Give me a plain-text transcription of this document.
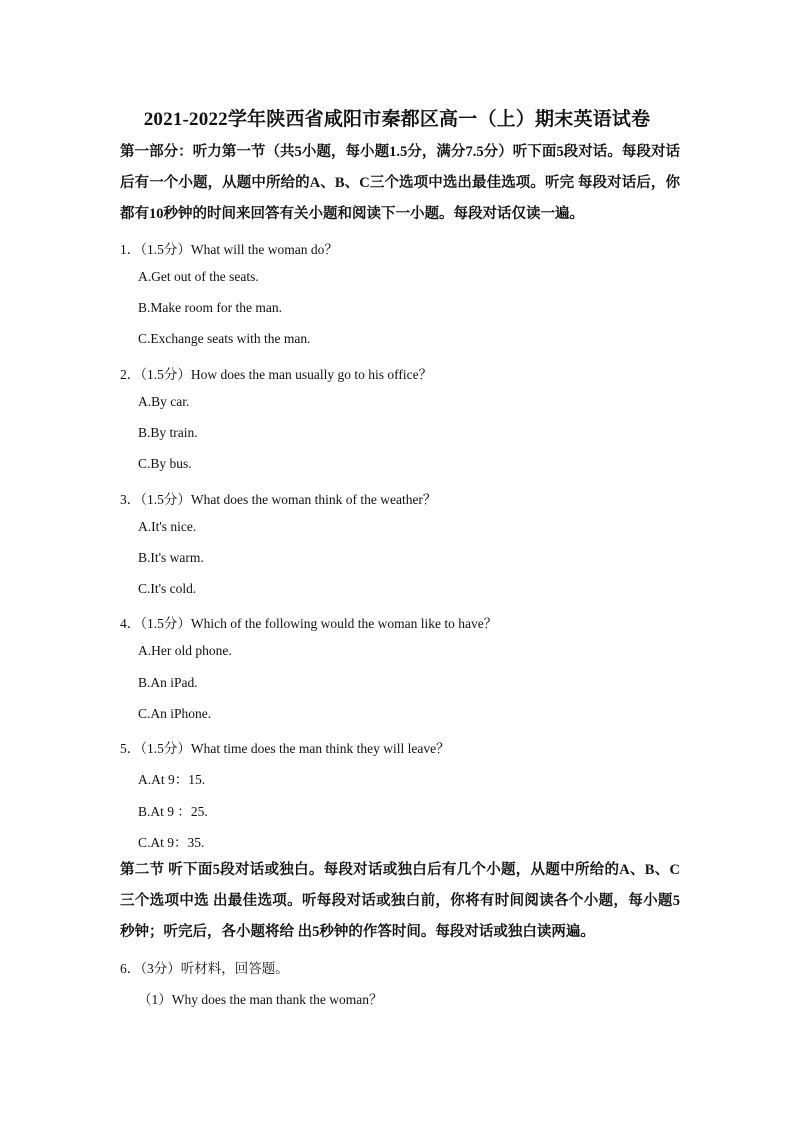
2021-2022学年陕西省咸阳市秦都区高一（上）期末英语试卷
第一部分：听力第一节（共5小题，每小题1.5分，满分7.5分）听下面5段对话。每段对话后有一个小题，从题中所给的A、B、C三个选项中选出最佳选项。听完 每段对话后，你都有10秒钟的时间来回答有关小题和阅读下一小题。每段对话仅读一遍。
1．（1.5分）What will the woman do？
A.Get out of the seats.
B.Make room for the man.
C.Exchange seats with the man.
2．（1.5分）How does the man usually go to his office？
A.By car.
B.By train.
C.By bus.
3．（1.5分）What does the woman think of the weather？
A.It's nice.
B.It's warm.
C.It's cold.
4．（1.5分）Which of the following would the woman like to have？
A.Her old phone.
B.An iPad.
C.An iPhone.
5．（1.5分）What time does the man think they will leave？
A.At 9：15.
B.At 9 ：25.
C.At 9：35.
第二节 听下面5段对话或独白。每段对话或独白后有几个小题，从题中所给的A、B、C三个选项中选 出最佳选项。听每段对话或独白前，你将有时间阅读各个小题，每小题5秒钟；听完后，各小题将给 出5秒钟的作答时间。每段对话或独白读两遍。
6．（3分）听材料，回答题。
（1）Why does the man thank the woman？
